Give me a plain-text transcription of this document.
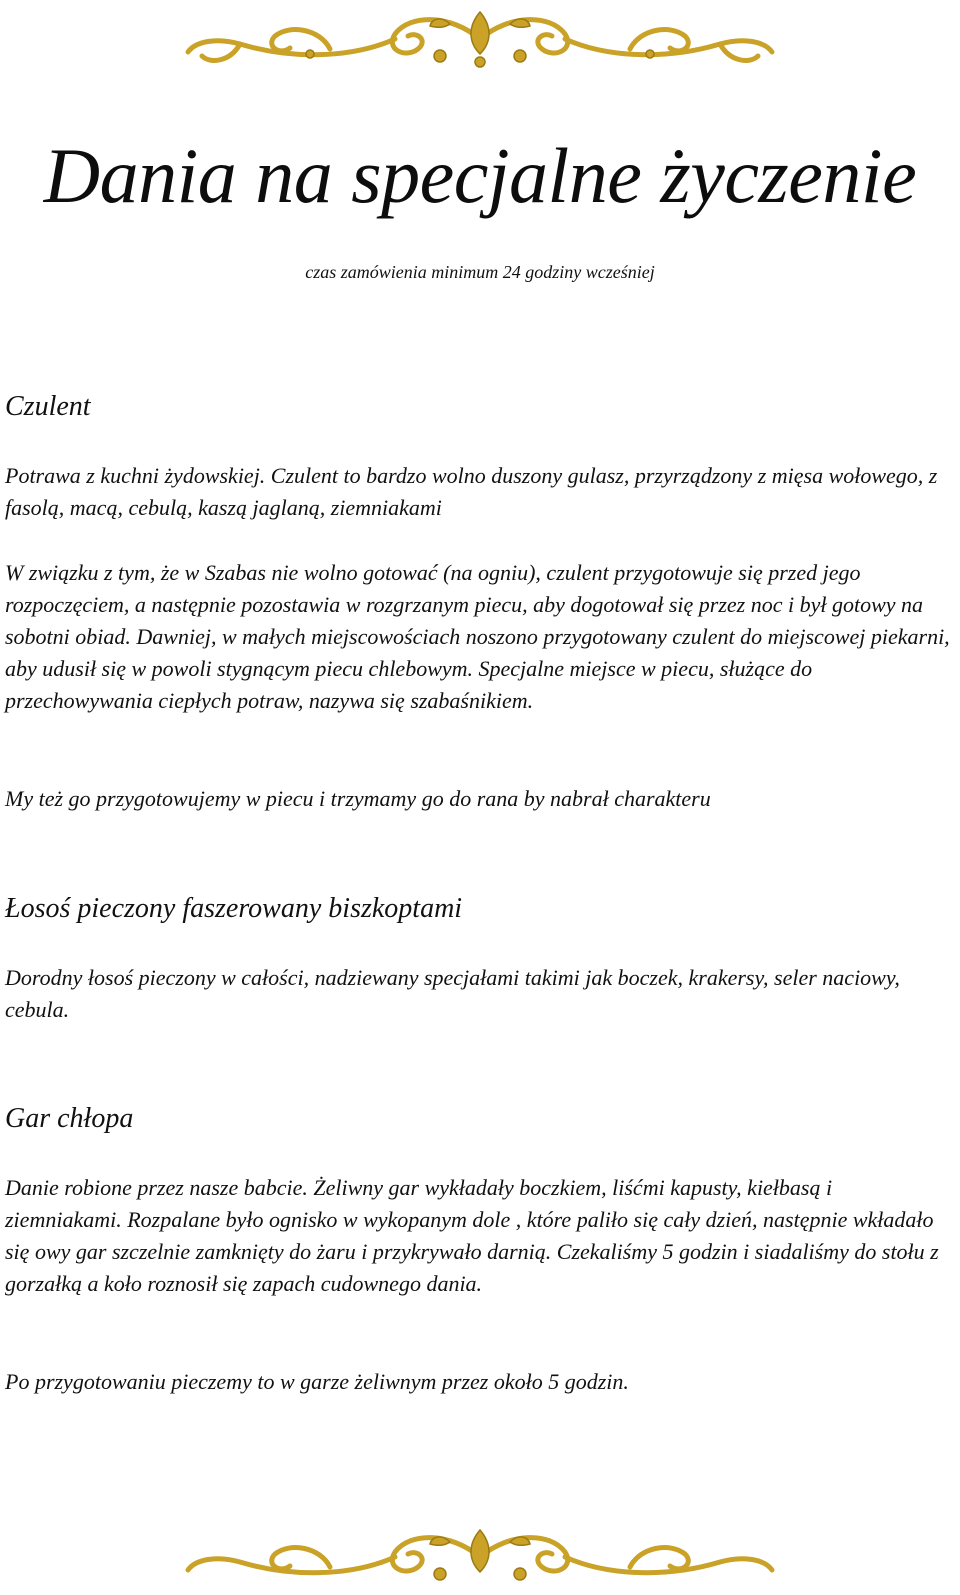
Dania na specjalne życzenie
czas zamówienia minimum 24 godziny wcześniej
Czulent

Potrawa z kuchni żydowskiej. Czulent to bardzo wolno duszony gulasz, przyrządzony z mięsa wołowego, z fasolą, macą, cebulą, kaszą jaglaną, ziemniakami

W związku z tym, że w Szabas nie wolno gotować (na ogniu), czulent przygotowuje się przed jego rozpoczęciem, a następnie pozostawia w rozgrzanym piecu, aby dogotował się przez noc i był gotowy na sobotni obiad. Dawniej, w małych miejscowościach noszono przygotowany czulent do miejscowej piekarni, aby udusił się w powoli stygnącym piecu chlebowym. Specjalne miejsce w piecu, służące do przechowywania ciepłych potraw, nazywa się szabaśnikiem.

My też go przygotowujemy w piecu i trzymamy go do rana by nabrał charakteru

Łosoś pieczony faszerowany biszkoptami

Dorodny łosoś pieczony w całości, nadziewany specjałami takimi jak boczek, krakersy, seler naciowy, cebula.

Gar chłopa

Danie robione przez nasze babcie. Żeliwny gar wykładały boczkiem, liśćmi kapusty, kiełbasą i ziemniakami. Rozpalane było ognisko w wykopanym dole , które paliło się cały dzień, następnie wkładało się owy gar szczelnie zamknięty do żaru i przykrywało darnią. Czekaliśmy 5 godzin i siadaliśmy do stołu z gorzałką a koło roznosił się zapach cudownego dania.

Po przygotowaniu pieczemy to w garze żeliwnym przez około 5 godzin.
